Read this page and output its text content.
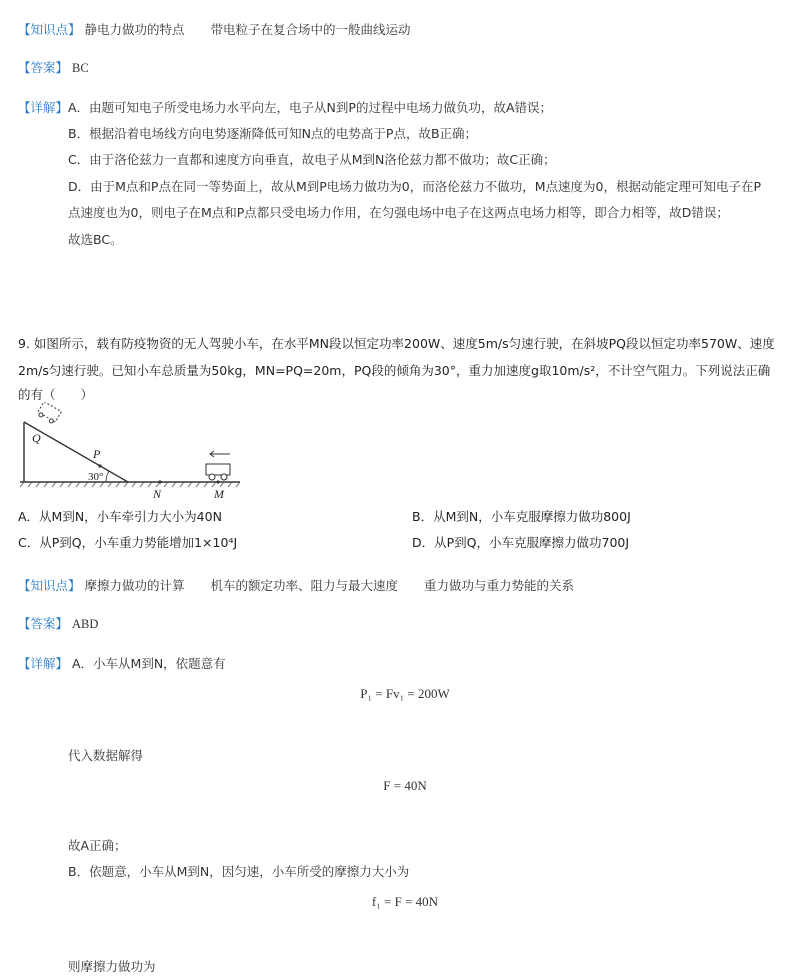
【知识点】 静电力做功的特点 带电粒子在复合场中的一般曲线运动
【答案】 BC
【详解】 A．由题可知电子所受电场力水平向左，电子从N到P的过程中电场力做负功，故A错误；
B．根据沿着电场线方向电势逐渐降低可知N点的电势高于P点，故B正确；
C．由于洛伦兹力一直都和速度方向垂直，故电子从M到N洛伦兹力都不做功；故C正确；
D．由于M点和P点在同一等势面上，故从M到P电场力做功为0，而洛伦兹力不做功，M点速度为0，根据动能定理可知电子在P
点速度也为0，则电子在M点和P点都只受电场力作用，在匀强电场中电子在这两点电场力相等，即合力相等，故D错误；
故选BC。
9. 如图所示，载有防疫物资的无人驾驶小车，在水平MN段以恒定功率200W、速度5m/s匀速行驶，在斜坡PQ段以恒定功率570W、速度
2m/s匀速行驶。已知小车总质量为50kg，MN=PQ=20m，PQ段的倾角为30°，重力加速度g取10m/s²，不计空气阻力。下列说法正确
的有（　　）
Q
P
30°
N	M
A．从M到N，小车牵引力大小为40N	B．从M到N，小车克服摩擦力做功800J
C．从P到Q，小车重力势能增加1×10⁴J	D．从P到Q，小车克服摩擦力做功700J
【知识点】 摩擦力做功的计算 机车的额定功率、阻力与最大速度 重力做功与重力势能的关系
【答案】 ABD
【详解】 A．小车从M到N，依题意有
P₁ = Fv₁ = 200W
代入数据解得
F = 40N
故A正确；
B．依题意，小车从M到N，因匀速，小车所受的摩擦力大小为
f₁ = F = 40N
则摩擦力做功为
